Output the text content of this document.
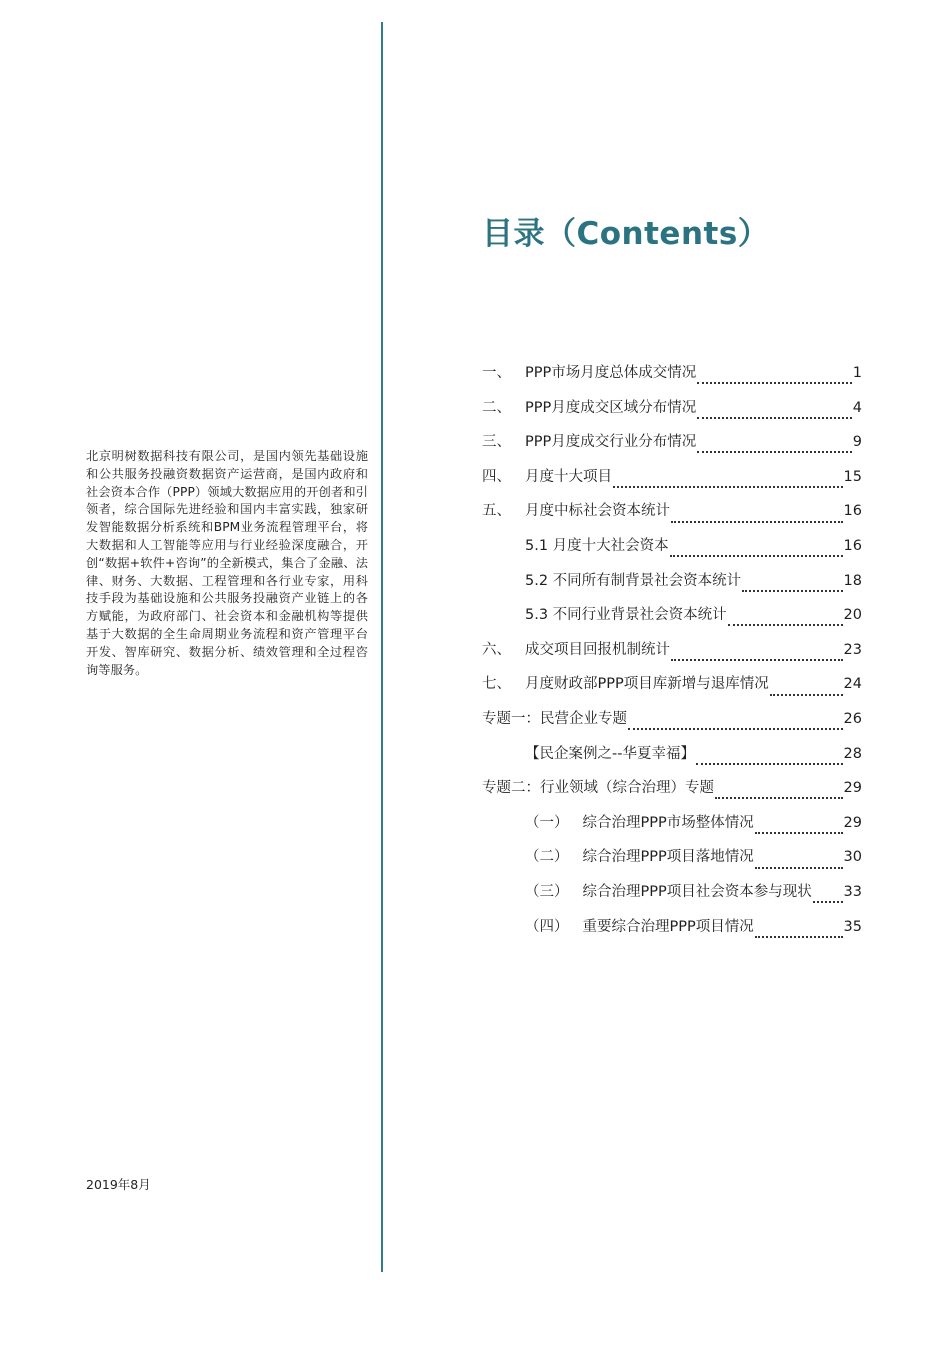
北京明树数据科技有限公司，是国内领先基础设施和公共服务投融资数据资产运营商，是国内政府和社会资本合作（PPP）领域大数据应用的开创者和引领者，综合国际先进经验和国内丰富实践，独家研发智能数据分析系统和BPM业务流程管理平台，将大数据和人工智能等应用与行业经验深度融合，开创“数据+软件+咨询”的全新模式，集合了金融、法律、财务、大数据、工程管理和各行业专家，用科技手段为基础设施和公共服务投融资产业链上的各方赋能，为政府部门、社会资本和金融机构等提供基于大数据的全生命周期业务流程和资产管理平台开发、智库研究、数据分析、绩效管理和全过程咨询等服务。

2019年8月
目录（Contents）
一、 PPP市场月度总体成交情况	1
二、 PPP月度成交区域分布情况	4
三、 PPP月度成交行业分布情况	9
四、 月度十大项目	15
五、 月度中标社会资本统计	16
5.1 月度十大社会资本	16
5.2 不同所有制背景社会资本统计	18
5.3 不同行业背景社会资本统计	20
六、 成交项目回报机制统计	23
七、 月度财政部PPP项目库新增与退库情况	24
专题一：民营企业专题	26
【民企案例之--华夏幸福】	28
专题二：行业领域（综合治理）专题	29
（一） 综合治理PPP市场整体情况	29
（二） 综合治理PPP项目落地情况	30
（三） 综合治理PPP项目社会资本参与现状 33
（四） 重要综合治理PPP项目情况	35
